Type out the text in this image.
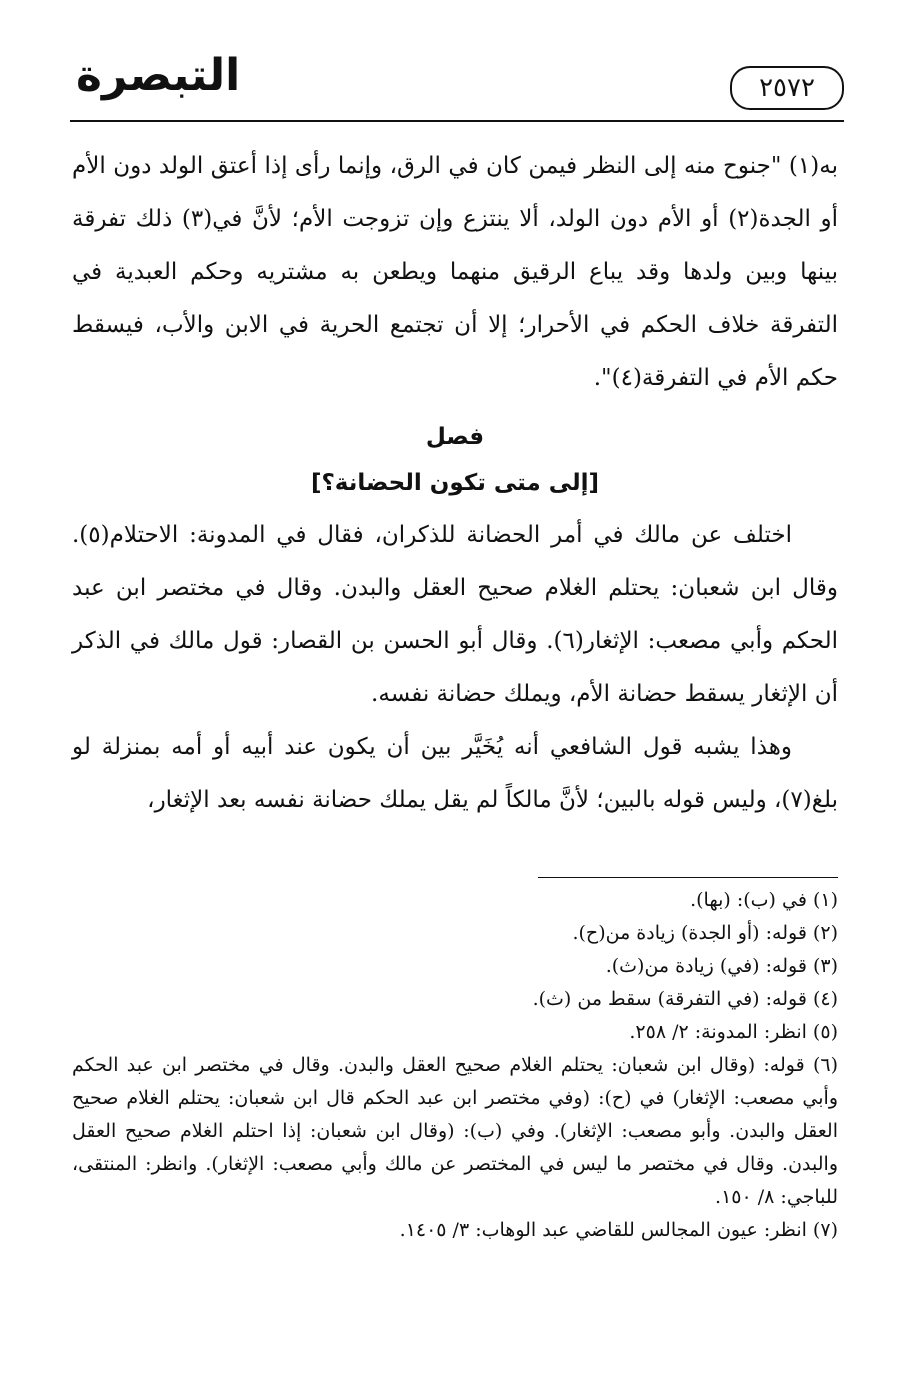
التبصرة	٢٥٧٢

به(١) "جنوح منه إلى النظر فيمن كان في الرق، وإنما رأى إذا أعتق الولد دون الأم أو الجدة(٢) أو الأم دون الولد، ألا ينتزع وإن تزوجت الأم؛ لأنَّ في(٣) ذلك تفرقة بينها وبين ولدها وقد يباع الرقيق منهما ويطعن به مشتريه وحكم العبدية في التفرقة خلاف الحكم في الأحرار؛ إلا أن تجتمع الحرية في الابن والأب، فيسقط حكم الأم في التفرقة(٤)".

فصل

[إلى متى تكون الحضانة؟]

اختلف عن مالك في أمر الحضانة للذكران، فقال في المدونة: الاحتلام(٥). وقال ابن شعبان: يحتلم الغلام صحيح العقل والبدن. وقال في مختصر ابن عبد الحكم وأبي مصعب: الإثغار(٦). وقال أبو الحسن بن القصار: قول مالك في الذكر أن الإثغار يسقط حضانة الأم، ويملك حضانة نفسه.

وهذا يشبه قول الشافعي أنه يُخَيَّر بين أن يكون عند أبيه أو أمه بمنزلة لو بلغ(٧)، وليس قوله بالبين؛ لأنَّ مالكاً لم يقل يملك حضانة نفسه بعد الإثغار،

(١) في (ب): (بها).

(٢) قوله: (أو الجدة) زيادة من(ح).

(٣) قوله: (في) زيادة من(ث).

(٤) قوله: (في التفرقة) سقط من (ث).

(٥) انظر: المدونة: ٢/ ٢٥٨.

(٦) قوله: (وقال ابن شعبان: يحتلم الغلام صحيح العقل والبدن. وقال في مختصر ابن عبد الحكم وأبي مصعب: الإثغار) في (ح): (وفي مختصر ابن عبد الحكم قال ابن شعبان: يحتلم الغلام صحيح العقل والبدن. وأبو مصعب: الإثغار). وفي (ب): (وقال ابن شعبان: إذا احتلم الغلام صحيح العقل والبدن. وقال في مختصر ما ليس في المختصر عن مالك وأبي مصعب: الإثغار). وانظر: المنتقى، للباجي: ٨/ ١٥٠.

(٧) انظر: عيون المجالس للقاضي عبد الوهاب: ٣/ ١٤٠٥.
